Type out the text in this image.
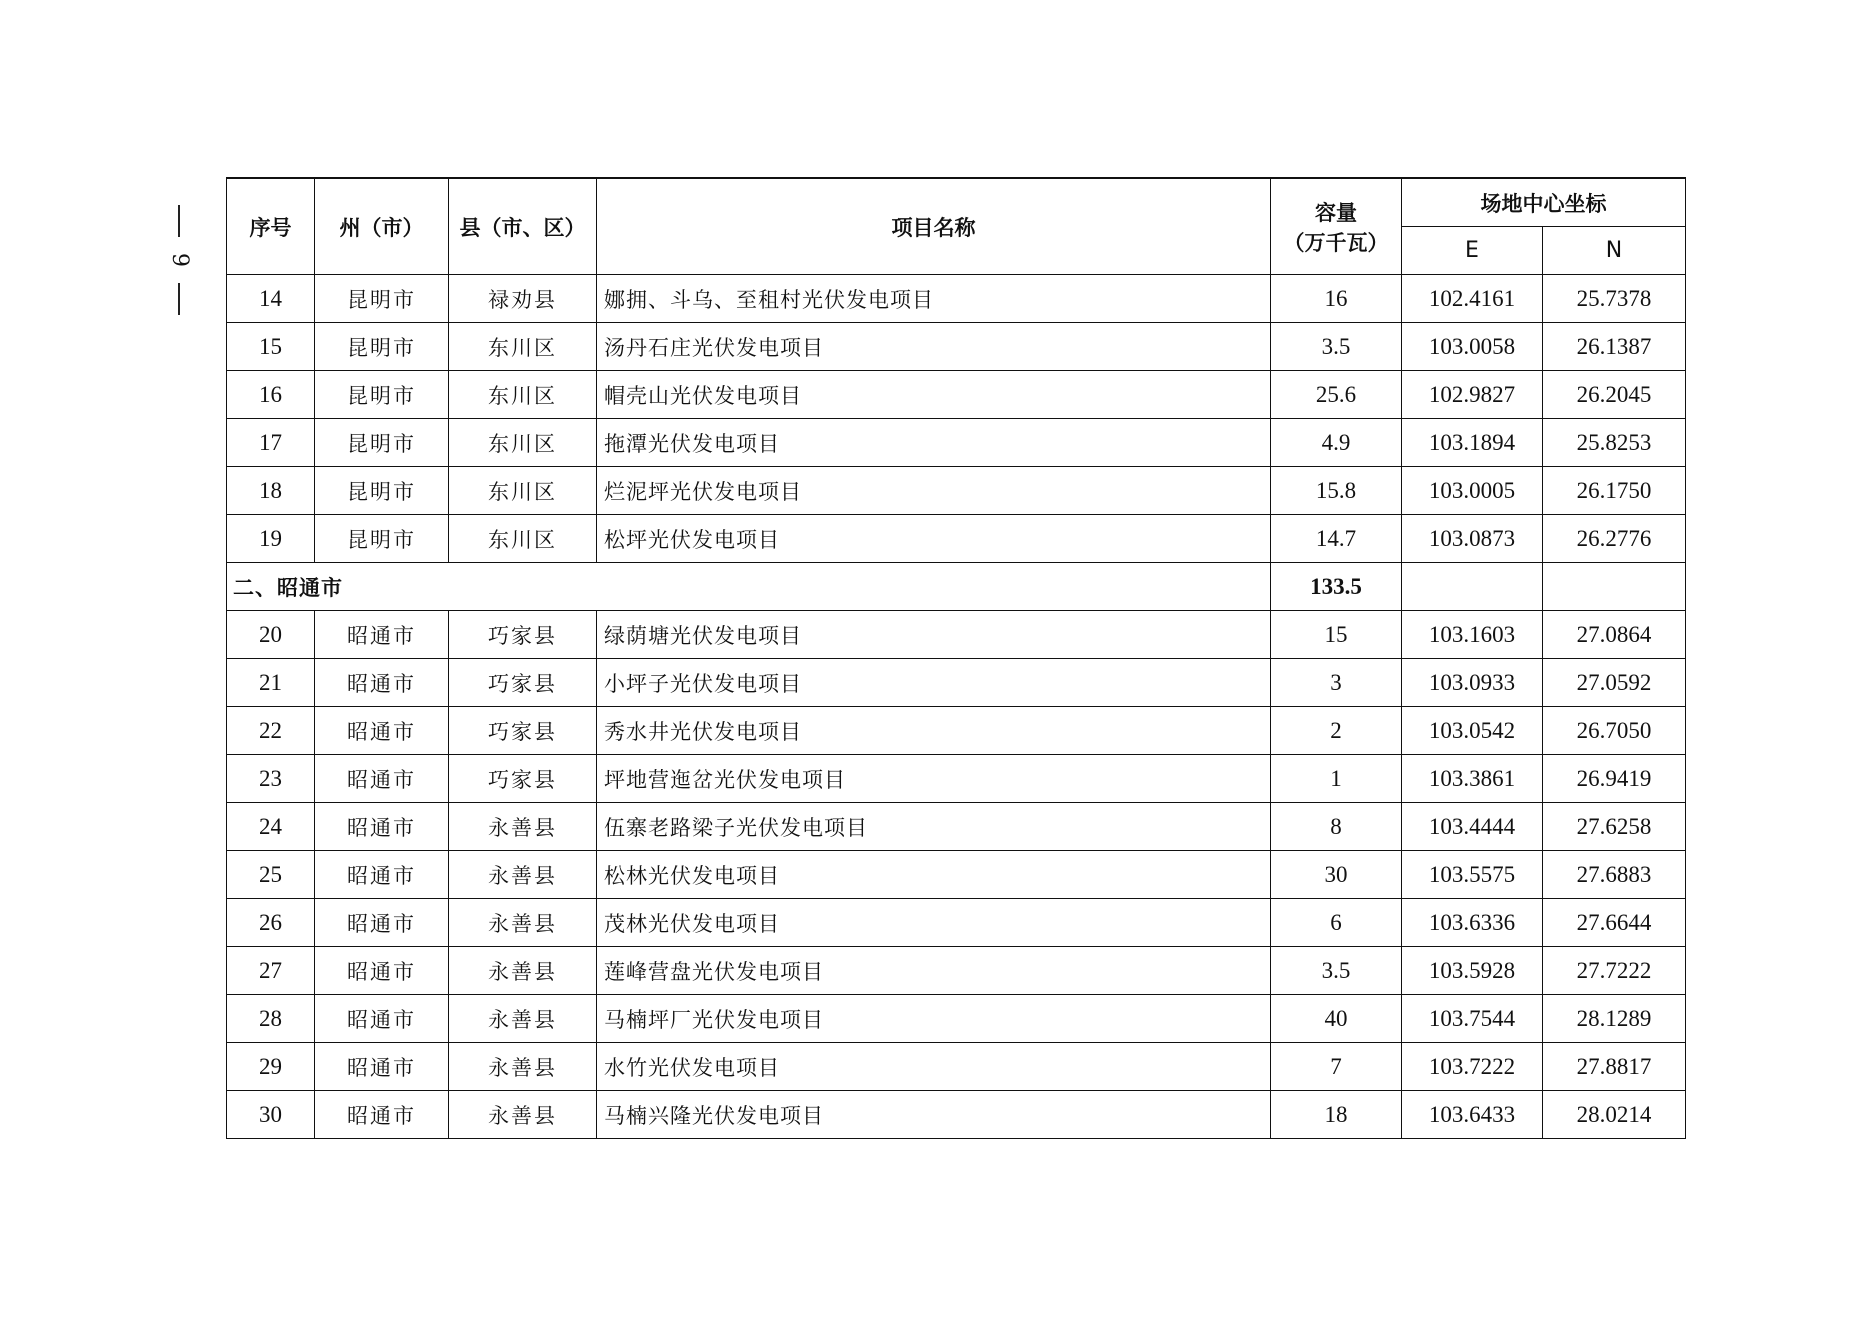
9
序号	州（市）	县（市、区）	项目名称	容量
（万千瓦）	场地中心坐标	
					E	N
14	昆明市	禄劝县	娜拥、斗乌、至租村光伏发电项目	16	102.4161	25.7378
15	昆明市	东川区	汤丹石庄光伏发电项目	3.5	103.0058	26.1387
16	昆明市	东川区	帽壳山光伏发电项目	25.6	102.9827	26.2045
17	昆明市	东川区	拖潭光伏发电项目	4.9	103.1894	25.8253
18	昆明市	东川区	烂泥坪光伏发电项目	15.8	103.0005	26.1750
19	昆明市	东川区	松坪光伏发电项目	14.7	103.0873	26.2776
二、昭通市				133.5		
20	昭通市	巧家县	绿荫塘光伏发电项目	15	103.1603	27.0864
21	昭通市	巧家县	小坪子光伏发电项目	3	103.0933	27.0592
22	昭通市	巧家县	秀水井光伏发电项目	2	103.0542	26.7050
23	昭通市	巧家县	坪地营迤岔光伏发电项目	1	103.3861	26.9419
24	昭通市	永善县	伍寨老路梁子光伏发电项目	8	103.4444	27.6258
25	昭通市	永善县	松林光伏发电项目	30	103.5575	27.6883
26	昭通市	永善县	茂林光伏发电项目	6	103.6336	27.6644
27	昭通市	永善县	莲峰营盘光伏发电项目	3.5	103.5928	27.7222
28	昭通市	永善县	马楠坪厂光伏发电项目	40	103.7544	28.1289
29	昭通市	永善县	水竹光伏发电项目	7	103.7222	27.8817
30	昭通市	永善县	马楠兴隆光伏发电项目	18	103.6433	28.0214
